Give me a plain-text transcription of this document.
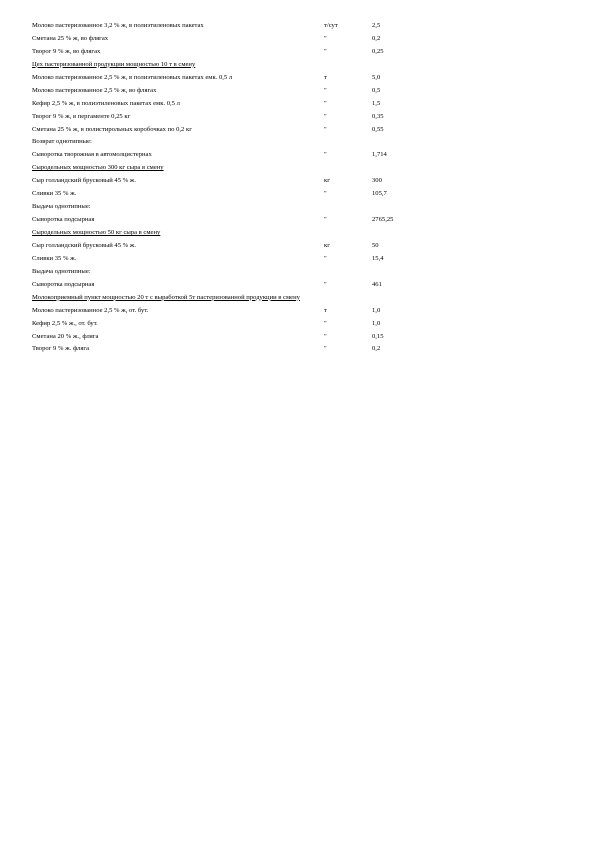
Молоко пастеризованное 3,2 % ж, в полиэтиленовых пакетах	т/сут	2,5
Сметана 25 % ж, во флягах	"	0,2
Творог 9 % ж, во флягах	"	0,25
Цех пастеризованной продукции мощностью 10 т в смену
Молоко пастеризованное 2,5 % ж, в полиэтиленовых пакетах емк. 0,5 л	т	5,0
Молоко пастеризованное 2,5 % ж, во флягах	"	0,5
Кефир 2,5 % ж, в полиэтиленовых пакетах емк. 0,5 л	"	1,5
Творог 9 % ж, в пергаменте 0,25 кг	"	0,35
Сметана 25 % ж, в полистирольных коробочках по 0,2 кг	"	0,55
Возврат однотипные:
Сыворотка творожная в автомолцистернах	"	1,714
Сыродельных мощностью 300 кг сыра в смену
Сыр голландский брусковый 45 % ж.	кг	300
Сливки 35 % ж.	"	105,7
Выдача однотипные:
Сыворотка подсырная	"	2765,25
Сыродельных мощностью 50 кг сыра в смену
Сыр голландский брусковый 45 % ж.	кг	50
Сливки 35 % ж.	"	15,4
Выдача однотипные:
Сыворотка подсырная	"	461
Молокоприемный пункт мощностью 20 т с выработкой 5т пастеризованной продукции в смену
Молоко пастеризованное 2,5 % ж, от. бут.	т	1,0
Кефир 2,5 % ж., от. бут.	"	1,0
Сметана 20 % ж., фляга	"	0,15
Творог 9 % ж. фляга	"	0,2
